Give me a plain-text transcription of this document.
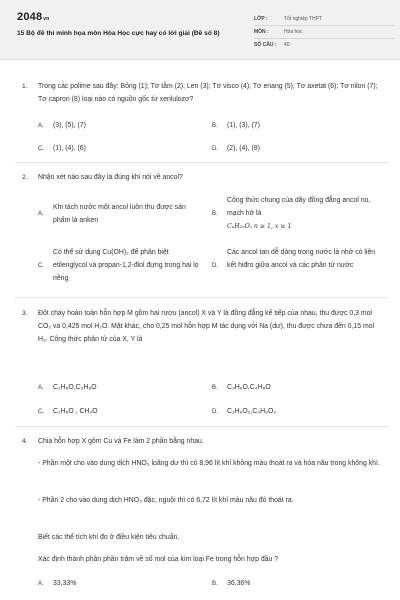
2048vn
15 Bộ đề thi minh họa môn Hóa Học cực hay có lời giải (Đề số 8)
LỚP :	Tốt nghiệp THPT
MÔN :	Hóa học
SỐ CÂU : 40
1. Trong các polime sau đây: Bông (1); Tơ tằm (2); Len (3); Tơ visco (4); Tơ enang (5); Tơ axetat (6); Tơ nilon (7); Tơ capron (8) loại nào có nguồn gốc từ xenlulozơ?
A. (3), (5), (7)	B. (1), (3), (7)
C. (1), (4), (6)	D. (2), (4), (8)
2. Nhận xét nào sau đây là đúng khi nói về ancol?
A.
Khi tách nước một ancol luôn thu được sản phẩm là anken
B.
Công thức chung của dãy đồng đẳng ancol no, mạch hở là
CₙH₂ₙOₓ n ≥ 1, x ≥ 1
C.
Có thể sử dụng Cu(OH)₂ để phân biệt etilenglycol và propan-1,2-điol đựng trong hai lọ riêng
D.
Các ancol tan dễ dàng trong nước là nhờ có liên kết hiđro giữa ancol và các phân tử nước
3. Đốt cháy hoàn toàn hỗn hợp M gồm hai rượu (ancol) X và Y là đồng đẳng kế tiếp của nhau, thu được 0,3 mol CO₂ và 0,425 mol H₂O. Mặt khác, cho 0,25 mol hỗn hợp M tác dụng với Na (dư), thu được chưa đến 0,15 mol H₂. Công thức phân tử của X, Y là
A. C₂H₆O,C₃H₈O	B. C₃H₆O,C₄H₈O
C. C₂H₆O , CH₄O	D. C₂H₆O₂,C₃H₈O₂
4. Chia hỗn hợp X gồm Cu và Fe làm 2 phần bằng nhau.
- Phần một cho vào dung dịch HNO₃ loãng dư thì có 8,96 lít khí không màu thoát ra và hóa nâu trong không khí.
- Phần 2 cho vào dung dịch HNO₃ đặc, nguội thì có 6,72 lít khí màu nâu đỏ thoát ra.
Biết các thể tích khí đo ở điều kiện tiêu chuẩn.
Xác định thành phần phần trăm về số mol của kim loại Fe trong hỗn hợp đầu ?
A. 33,33%	B. 36.36%
